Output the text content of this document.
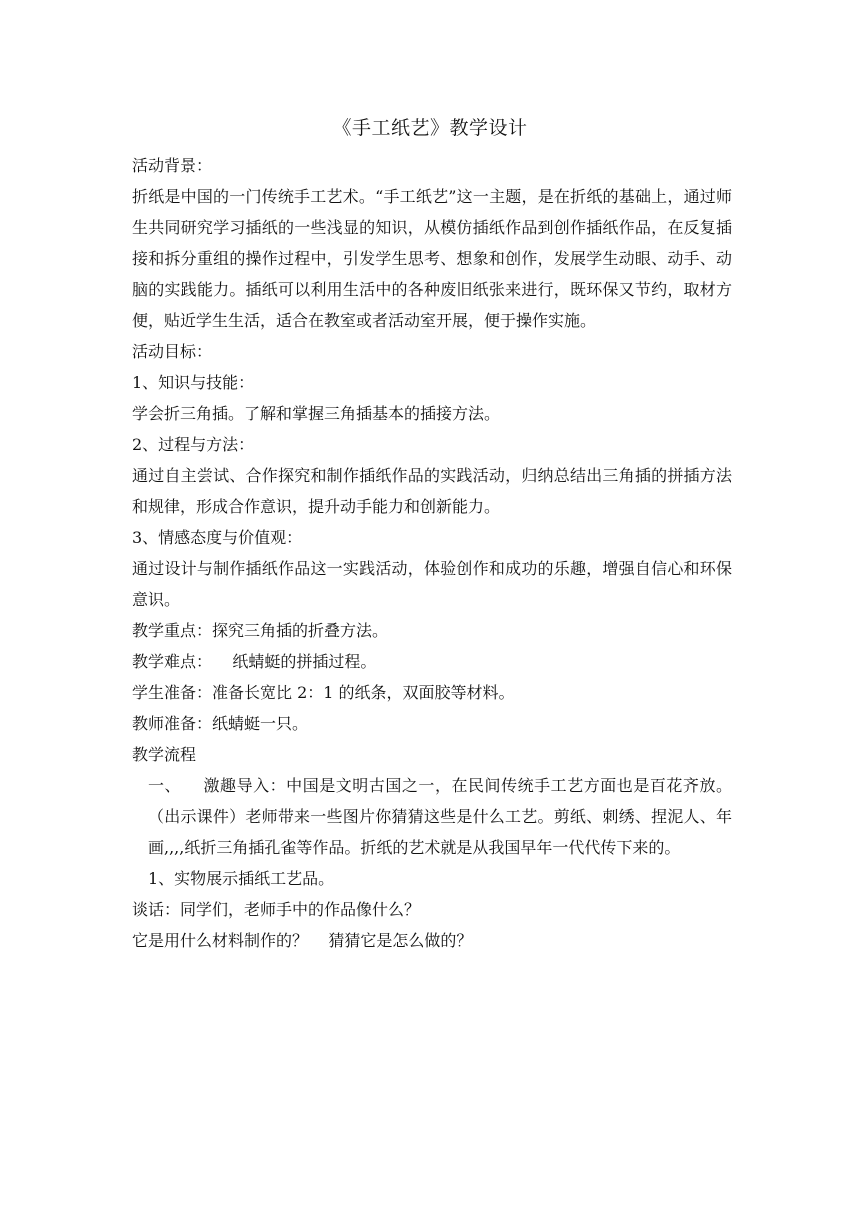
《手工纸艺》教学设计

活动背景：

折纸是中国的一门传统手工艺术。“手工纸艺”这一主题，是在折纸的基础上，通过师生共同研究学习插纸的一些浅显的知识，从模仿插纸作品到创作插纸作品，在反复插接和拆分重组的操作过程中，引发学生思考、想象和创作，发展学生动眼、动手、动脑的实践能力。插纸可以利用生活中的各种废旧纸张来进行，既环保又节约，取材方便，贴近学生生活，适合在教室或者活动室开展，便于操作实施。

活动目标：

1、知识与技能：

学会折三角插。了解和掌握三角插基本的插接方法。

2、过程与方法：

通过自主尝试、合作探究和制作插纸作品的实践活动，归纳总结出三角插的拼插方法和规律，形成合作意识，提升动手能力和创新能力。

3、情感态度与价值观：

通过设计与制作插纸作品这一实践活动，体验创作和成功的乐趣，增强自信心和环保意识。

教学重点：探究三角插的折叠方法。

教学难点：    纸蜻蜓的拼插过程。

学生准备：准备长宽比 2：1 的纸条，双面胶等材料。

教师准备：纸蜻蜓一只。

教学流程

一、    激趣导入：中国是文明古国之一，在民间传统手工艺方面也是百花齐放。    （出示课件）老师带来一些图片你猜猜这些是什么工艺。剪纸、刺绣、捏泥人、年画,,,,纸折三角插孔雀等作品。折纸的艺术就是从我国早年一代代传下来的。

1、实物展示插纸工艺品。

谈话：同学们，老师手中的作品像什么？

它是用什么材料制作的？    猜猜它是怎么做的？
